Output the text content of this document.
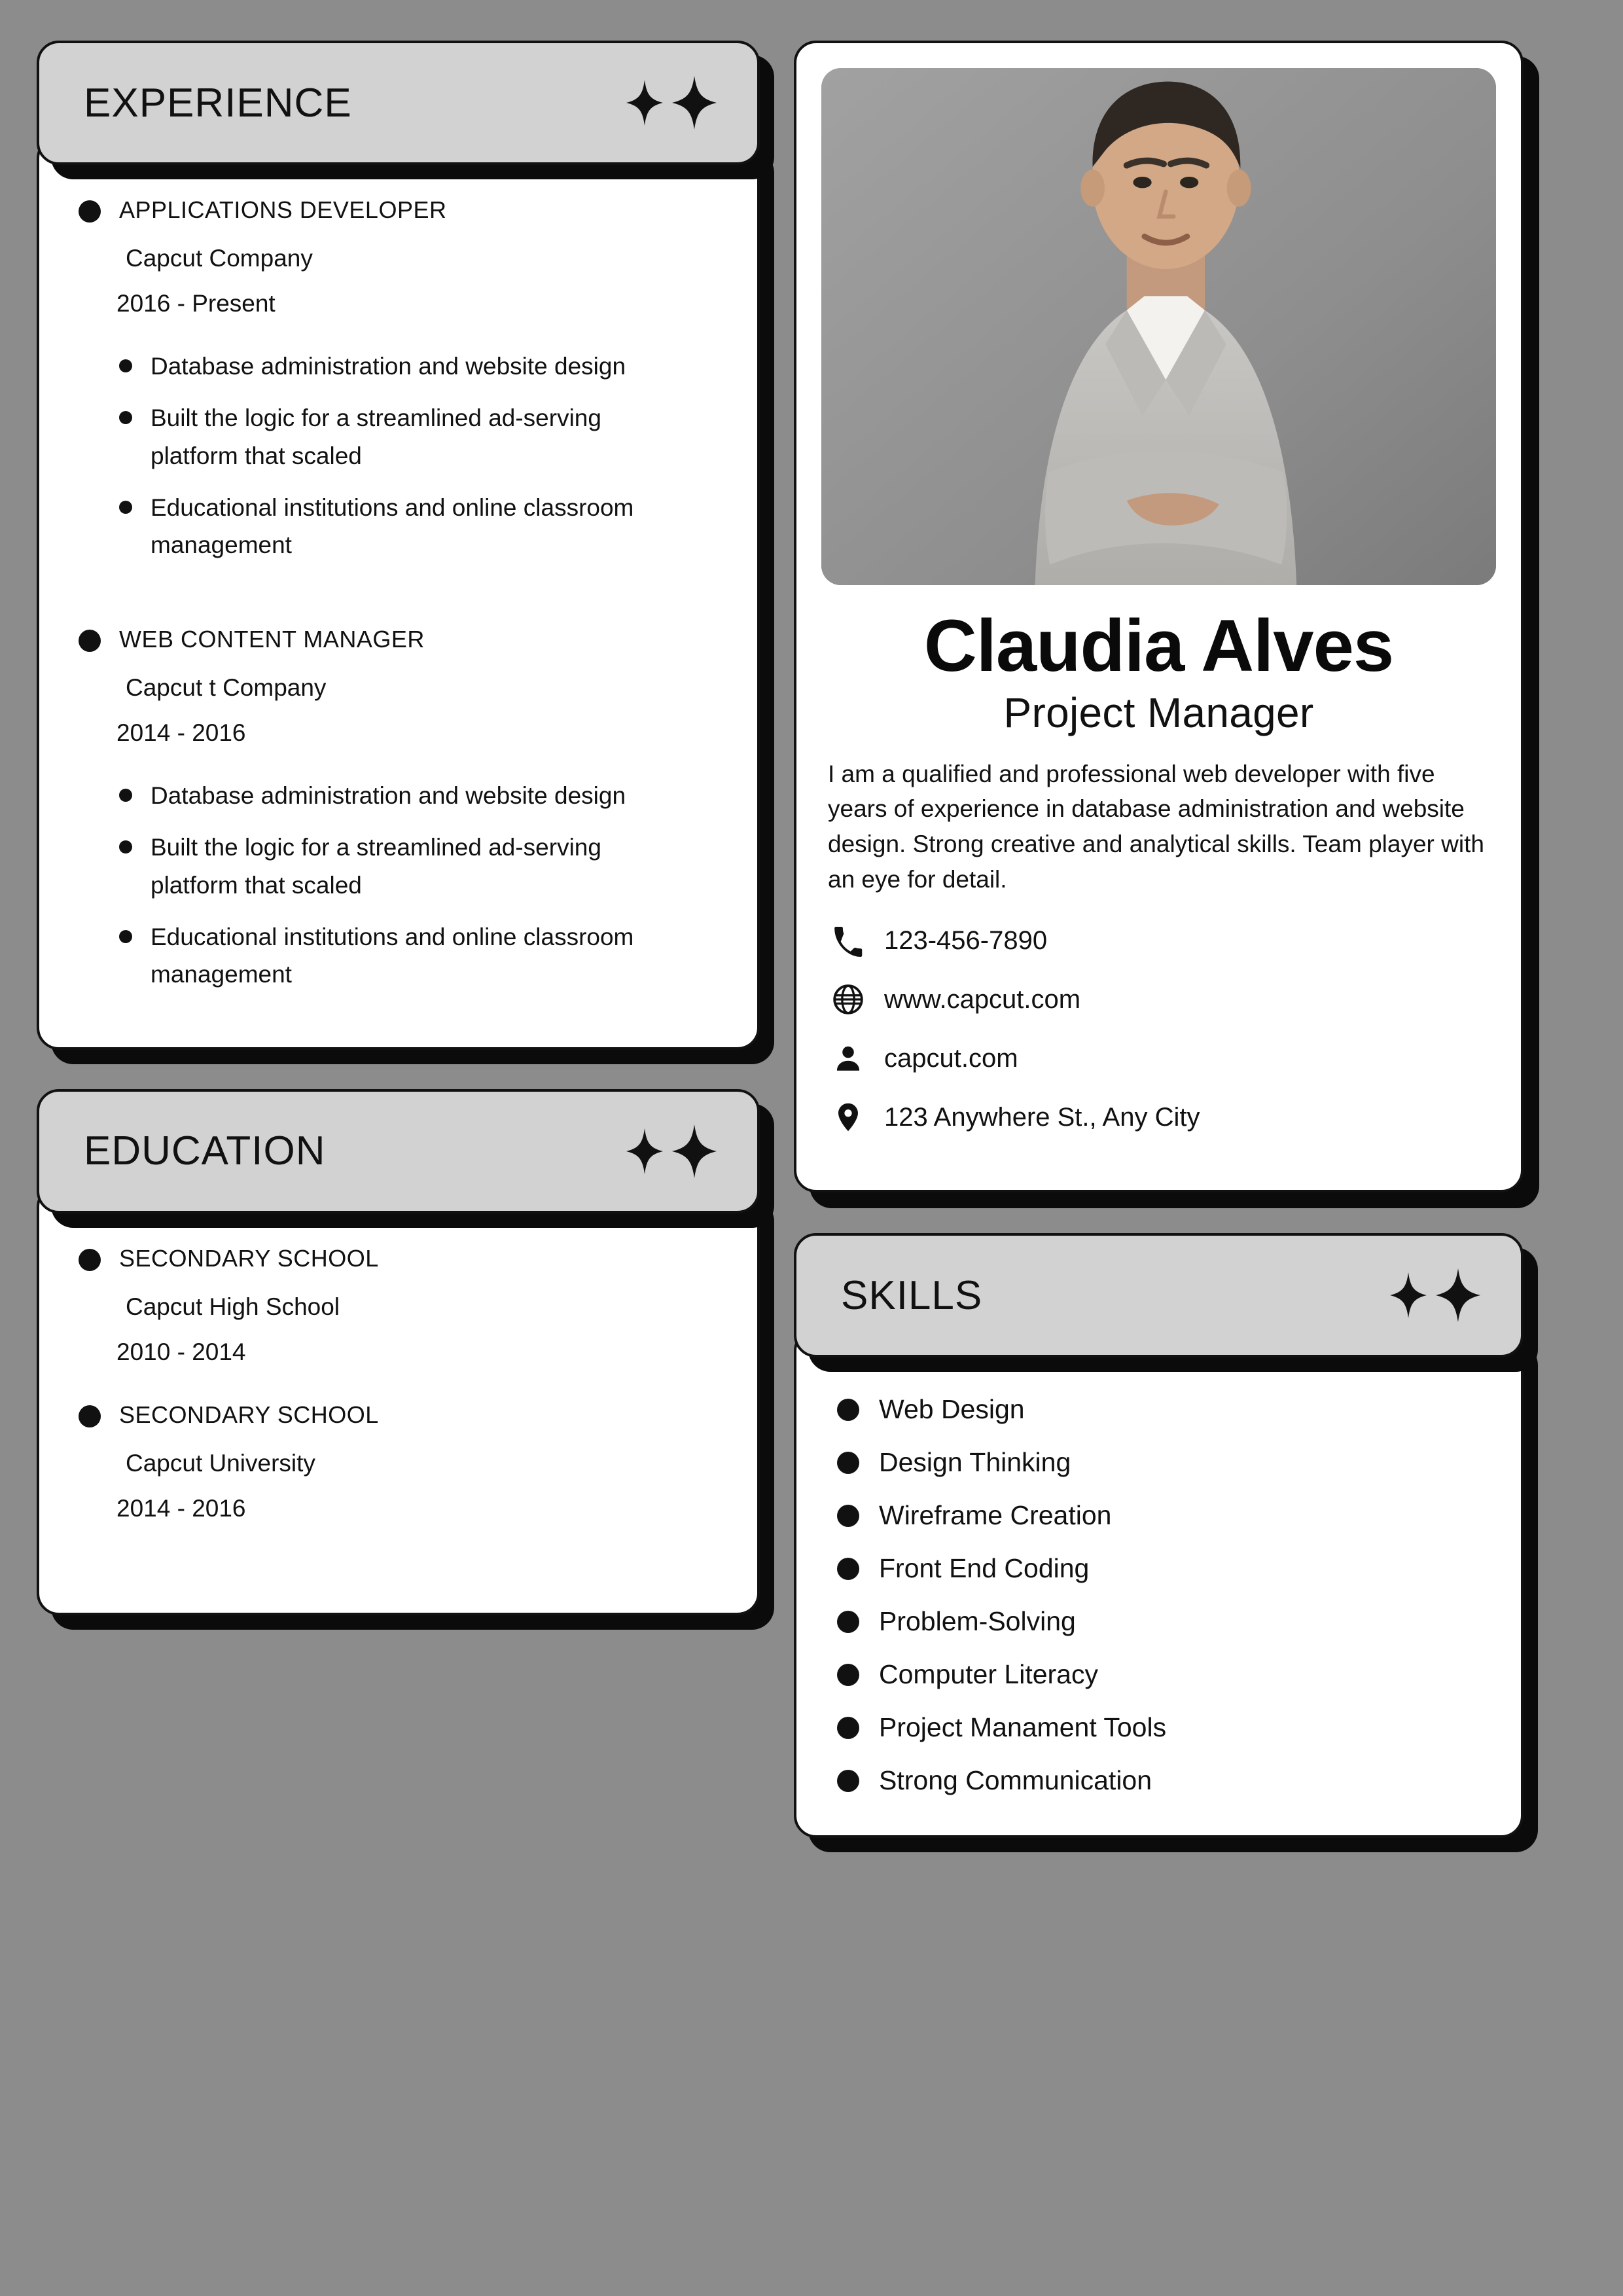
EXPERIENCE
APPLICATIONS DEVELOPER
Capcut Company
2016 - Present
Database administration and website design
Built the logic for a streamlined ad-serving platform that scaled
Educational institutions and online classroom management
WEB CONTENT MANAGER
Capcut t Company
2014 - 2016
Database administration and website design
Built the logic for a streamlined ad-serving platform that scaled
Educational institutions and online classroom management
EDUCATION
SECONDARY SCHOOL
Capcut High School
2010 - 2014
SECONDARY SCHOOL
Capcut University
2014 - 2016
Claudia Alves
Project Manager
I am a qualified and professional web developer with five years of experience in database administration and website design. Strong creative and analytical skills. Team player with an eye for detail.
123-456-7890
www.capcut.com
capcut.com
123 Anywhere St., Any City
SKILLS
Web Design
Design Thinking
Wireframe Creation
Front End Coding
Problem-Solving
Computer Literacy
Project Manament Tools
Strong Communication
